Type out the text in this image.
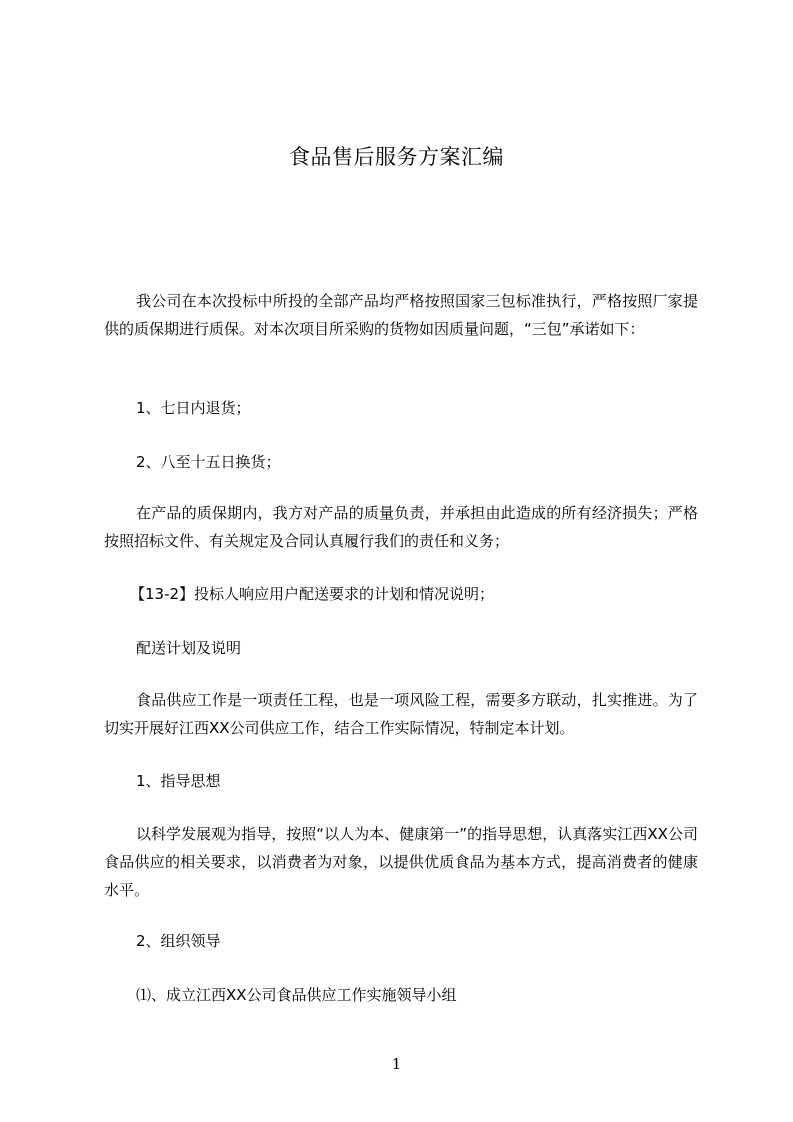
食品售后服务方案汇编

我公司在本次投标中所投的全部产品均严格按照国家三包标准执行，严格按照厂家提供的质保期进行质保。对本次项目所采购的货物如因质量问题，“三包”承诺如下：

1、七日内退货；

2、八至十五日换货；

在产品的质保期内，我方对产品的质量负责，并承担由此造成的所有经济损失；严格按照招标文件、有关规定及合同认真履行我们的责任和义务；

【13-2】投标人响应用户配送要求的计划和情况说明；

配送计划及说明

食品供应工作是一项责任工程，也是一项风险工程，需要多方联动，扎实推进。为了切实开展好江西XX公司供应工作，结合工作实际情况，特制定本计划。

1、指导思想

以科学发展观为指导，按照“以人为本、健康第一”的指导思想，认真落实江西XX公司食品供应的相关要求，以消费者为对象，以提供优质食品为基本方式，提高消费者的健康水平。

2、组织领导

⑴、成立江西XX公司食品供应工作实施领导小组

1
